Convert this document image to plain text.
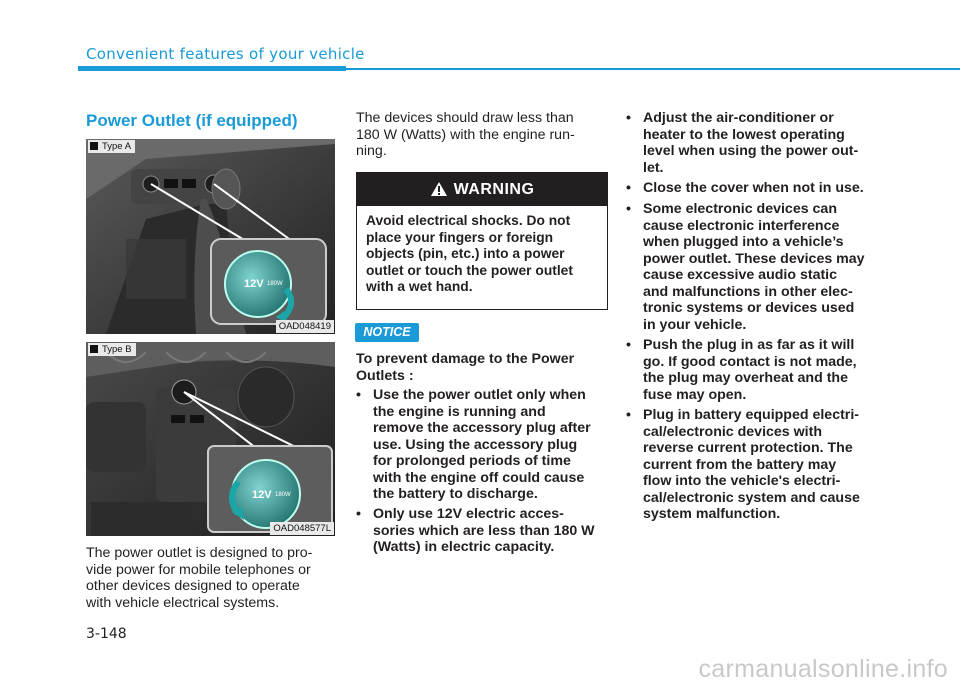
Convenient features of your vehicle
Power Outlet (if equipped)
12V 180W
Type A
OAD048419
12V 180W
Type B
OAD048577L
The power outlet is designed to pro-
vide power for mobile telephones or
other devices designed to operate
with vehicle electrical systems.
The devices should draw less than
180 W (Watts) with the engine run-
ning.
WARNING
Avoid electrical shocks. Do not
place your fingers or foreign
objects (pin, etc.) into a power
outlet or touch the power outlet
with a wet hand.
NOTICE
To prevent damage to the Power
Outlets :
• Use the power outlet only when
the engine is running and
remove the accessory plug after
use. Using the accessory plug
for prolonged periods of time
with the engine off could cause
the battery to discharge.
• Only use 12V electric acces-
sories which are less than 180 W
(Watts) in electric capacity.
• Adjust the air-conditioner or
heater to the lowest operating
level when using the power out-
let.
• Close the cover when not in use.
• Some electronic devices can
cause electronic interference
when plugged into a vehicle’s
power outlet. These devices may
cause excessive audio static
and malfunctions in other elec-
tronic systems or devices used
in your vehicle.
• Push the plug in as far as it will
go. If good contact is not made,
the plug may overheat and the
fuse may open.
• Plug in battery equipped electri-
cal/electronic devices with
reverse current protection. The
current from the battery may
flow into the vehicle's electri-
cal/electronic system and cause
system malfunction.
3-148
carmanualsonline.info
